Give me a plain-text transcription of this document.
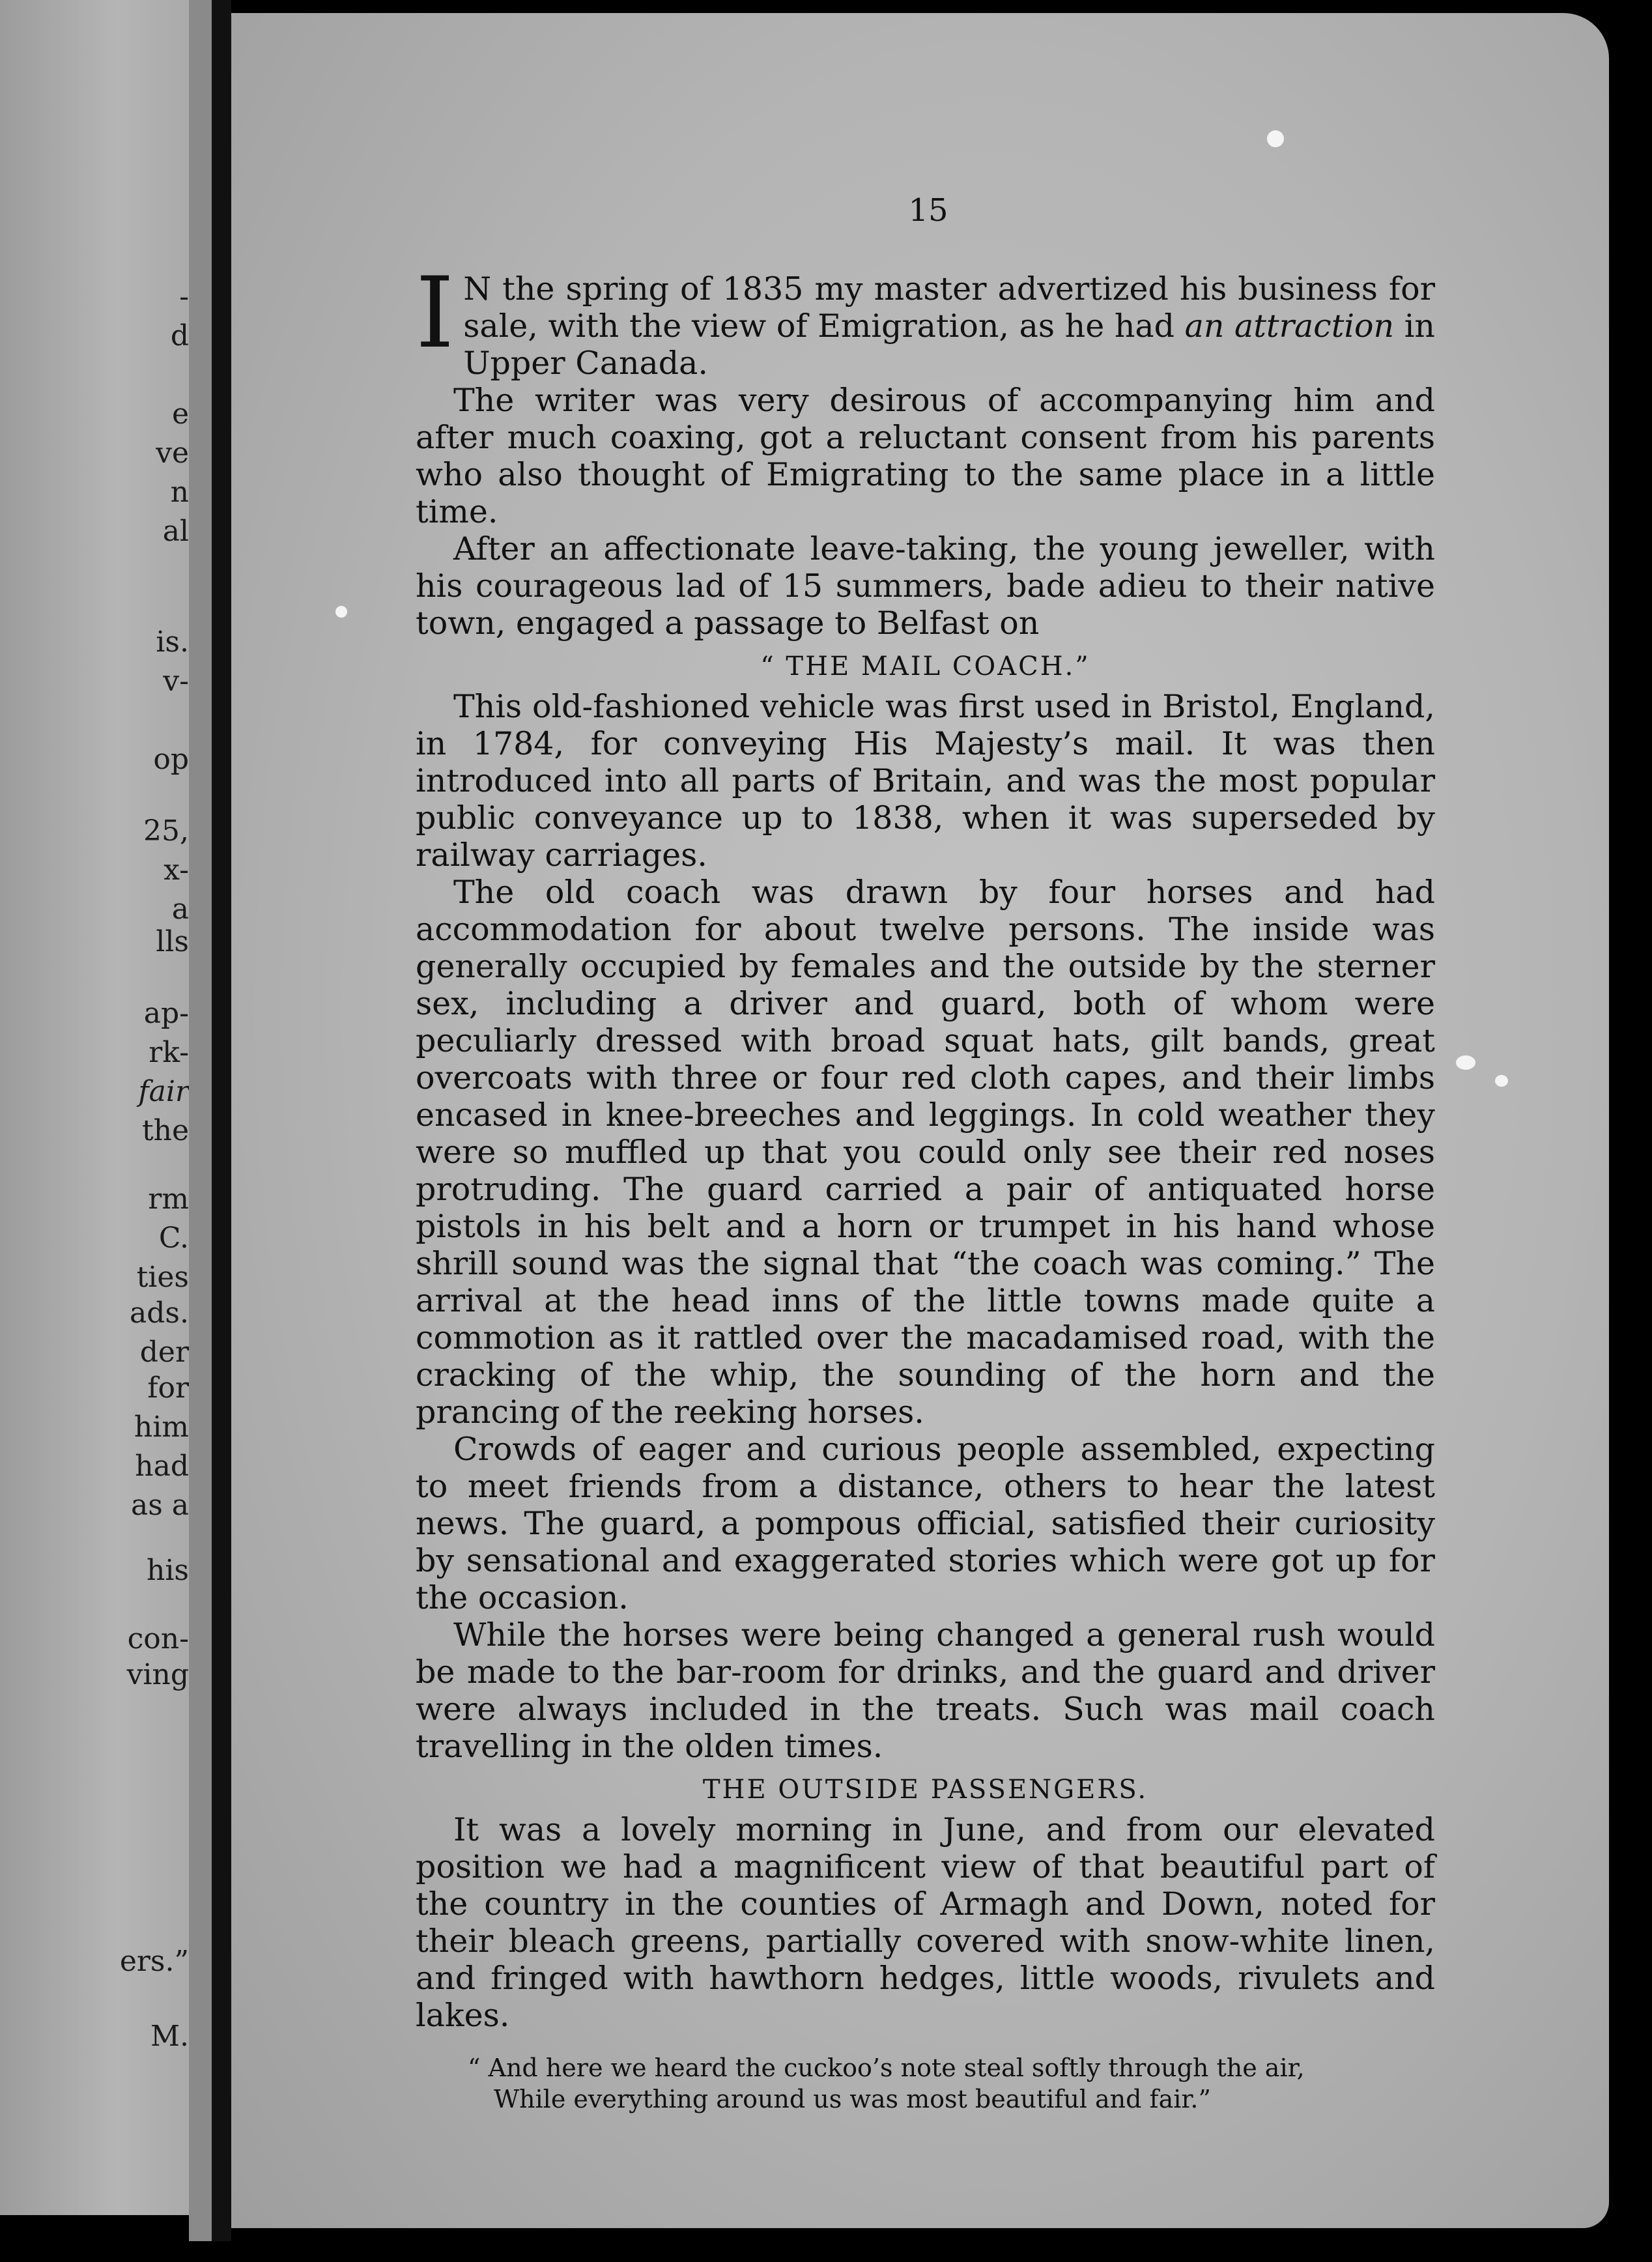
-
d
e
ve
n
al
is.
v-
op
25,
x-
a
lls
ap-
rk-
fair
the
rm
C.
ties
ads.
der
for
him
had
as a
his
con-
ving
ers.”
M.
15

I N the spring of 1835 my master advertized his business for sale, with the view of Emigration, as he had an attraction in Upper Canada.

The writer was very desirous of accompanying him and after much coaxing, got a reluctant consent from his parents who also thought of Emigrating to the same place in a little time.

After an affectionate leave-taking, the young jeweller, with his courageous lad of 15 summers, bade adieu to their native town, engaged a passage to Belfast on

“ THE MAIL COACH.”

This old-fashioned vehicle was first used in Bristol, England, in 1784, for conveying His Majesty’s mail. It was then introduced into all parts of Britain, and was the most popular public conveyance up to 1838, when it was superseded by railway carriages.

The old coach was drawn by four horses and had accommodation for about twelve persons. The inside was generally occupied by females and the outside by the sterner sex, including a driver and guard, both of whom were peculiarly dressed with broad squat hats, gilt bands, great overcoats with three or four red cloth capes, and their limbs encased in knee-breeches and leggings. In cold weather they were so muffled up that you could only see their red noses protruding. The guard carried a pair of antiquated horse pistols in his belt and a horn or trumpet in his hand whose shrill sound was the signal that “the coach was coming.” The arrival at the head inns of the little towns made quite a commotion as it rattled over the macadamised road, with the cracking of the whip, the sounding of the horn and the prancing of the reeking horses.

Crowds of eager and curious people assembled, expecting to meet friends from a distance, others to hear the latest news. The guard, a pompous official, satisfied their curiosity by sensational and exaggerated stories which were got up for the occasion.

While the horses were being changed a general rush would be made to the bar-room for drinks, and the guard and driver were always included in the treats. Such was mail coach travelling in the olden times.

THE OUTSIDE PASSENGERS.

It was a lovely morning in June, and from our elevated position we had a magnificent view of that beautiful part of the country in the counties of Armagh and Down, noted for their bleach greens, partially covered with snow-white linen, and fringed with hawthorn hedges, little woods, rivulets and lakes.

“ And here we heard the cuckoo’s note steal softly through the air,
While everything around us was most beautiful and fair.”
